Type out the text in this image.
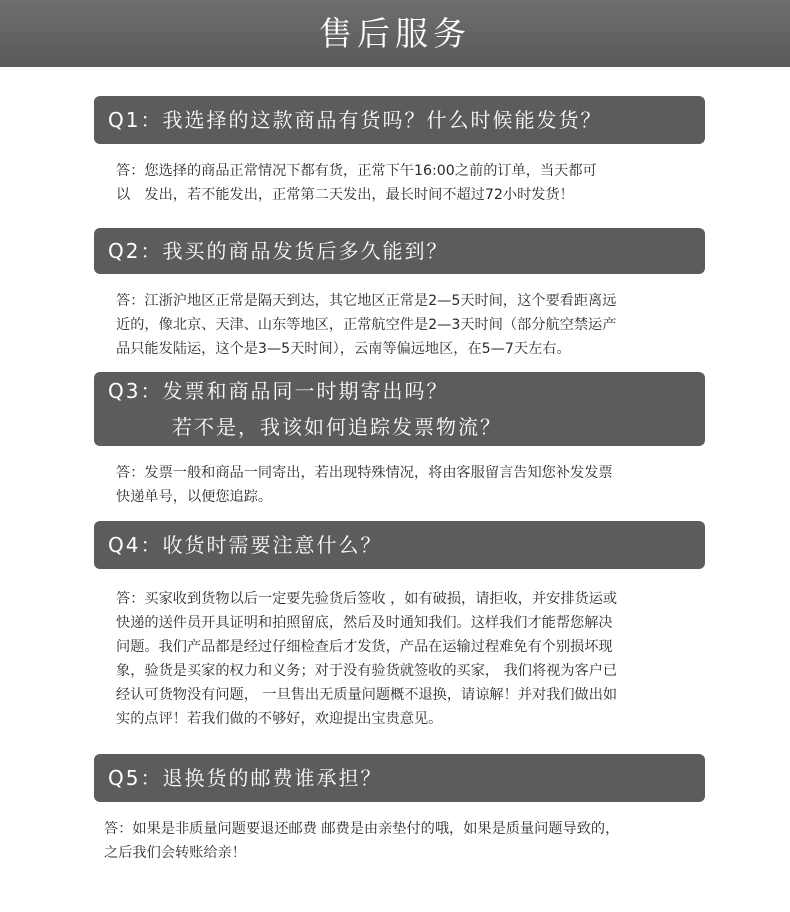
售后服务
Q1：我选择的这款商品有货吗？什么时候能发货？
答：您选择的商品正常情况下都有货，正常下午16:00之前的订单，当天都可
以　发出，若不能发出，正常第二天发出，最长时间不超过72小时发货！
Q2：我买的商品发货后多久能到？
答：江浙沪地区正常是隔天到达，其它地区正常是2—5天时间，这个要看距离远
近的，像北京、天津、山东等地区，正常航空件是2—3天时间（部分航空禁运产
品只能发陆运，这个是3—5天时间），云南等偏远地区，在5—7天左右。
Q3：发票和商品同一时期寄出吗？
若不是，我该如何追踪发票物流？
答：发票一般和商品一同寄出，若出现特殊情况，将由客服留言告知您补发发票
快递单号，以便您追踪。
Q4：收货时需要注意什么？
答：买家收到货物以后一定要先验货后签收 ，如有破损，请拒收，并安排货运或
快递的送件员开具证明和拍照留底，然后及时通知我们。这样我们才能帮您解决
问题。我们产品都是经过仔细检查后才发货，产品在运输过程难免有个别损坏现
象，验货是买家的权力和义务；对于没有验货就签收的买家， 我们将视为客户已
经认可货物没有问题， 一旦售出无质量问题概不退换，请谅解！并对我们做出如
实的点评！若我们做的不够好，欢迎提出宝贵意见。
Q5：退换货的邮费谁承担？
答：如果是非质量问题要退还邮费 邮费是由亲垫付的哦，如果是质量问题导致的，
之后我们会转账给亲！
